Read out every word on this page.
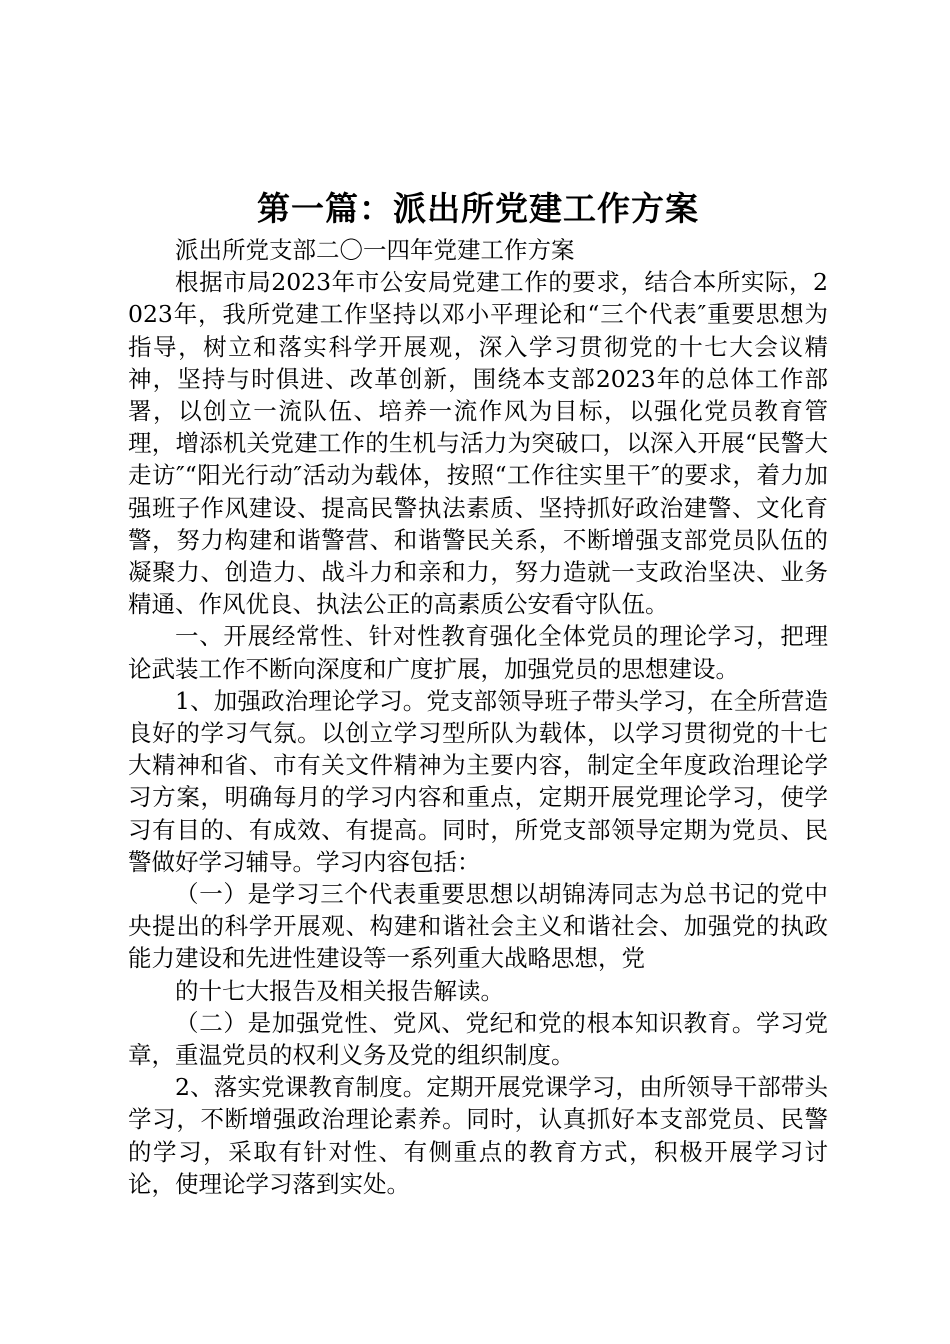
第一篇：派出所党建工作方案

派出所党支部二〇一四年党建工作方案

根据市局2023年市公安局党建工作的要求，结合本所实际，2023年，我所党建工作坚持以邓小平理论和“三个代表″重要思想为指导，树立和落实科学开展观，深入学习贯彻党的十七大会议精神，坚持与时俱进、改革创新，围绕本支部2023年的总体工作部署，以创立一流队伍、培养一流作风为目标，以强化党员教育管理，增添机关党建工作的生机与活力为突破口，以深入开展“民警大走访″“阳光行动″活动为载体，按照“工作往实里干″的要求，着力加强班子作风建设、提高民警执法素质、坚持抓好政治建警、文化育警，努力构建和谐警营、和谐警民关系，不断增强支部党员队伍的凝聚力、创造力、战斗力和亲和力，努力造就一支政治坚决、业务精通、作风优良、执法公正的高素质公安看守队伍。

一、开展经常性、针对性教育强化全体党员的理论学习，把理论武装工作不断向深度和广度扩展，加强党员的思想建设。

1、加强政治理论学习。党支部领导班子带头学习，在全所营造良好的学习气氛。以创立学习型所队为载体，以学习贯彻党的十七大精神和省、市有关文件精神为主要内容，制定全年度政治理论学习方案，明确每月的学习内容和重点，定期开展党理论学习，使学习有目的、有成效、有提高。同时，所党支部领导定期为党员、民警做好学习辅导。学习内容包括：

（一）是学习三个代表重要思想以胡锦涛同志为总书记的党中央提出的科学开展观、构建和谐社会主义和谐社会、加强党的执政能力建设和先进性建设等一系列重大战略思想，党

的十七大报告及相关报告解读。

（二）是加强党性、党风、党纪和党的根本知识教育。学习党章，重温党员的权利义务及党的组织制度。

2、落实党课教育制度。定期开展党课学习，由所领导干部带头学习，不断增强政治理论素养。同时，认真抓好本支部党员、民警的学习，采取有针对性、有侧重点的教育方式，积极开展学习讨论，使理论学习落到实处。
